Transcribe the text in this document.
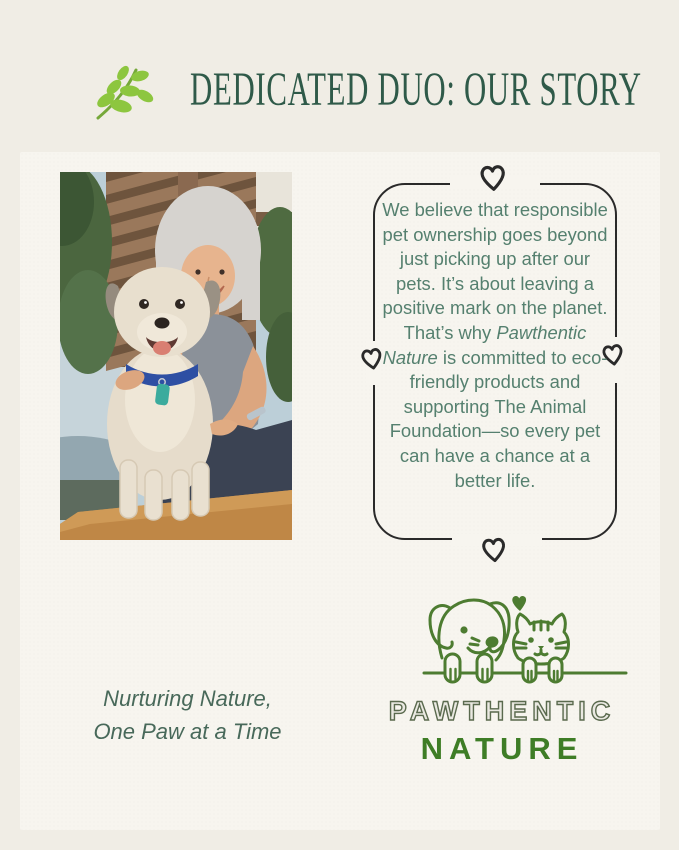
DEDICATED DUO: OUR STORY

We believe that responsible pet ownership goes beyond just picking up after our pets. It’s about leaving a positive mark on the planet. That’s why Pawthentic Nature is committed to eco-friendly products and supporting The Animal Foundation—so every pet can have a chance at a better life.

Nurturing Nature,
One Paw at a Time
PAWTHENTIC
NATURE
